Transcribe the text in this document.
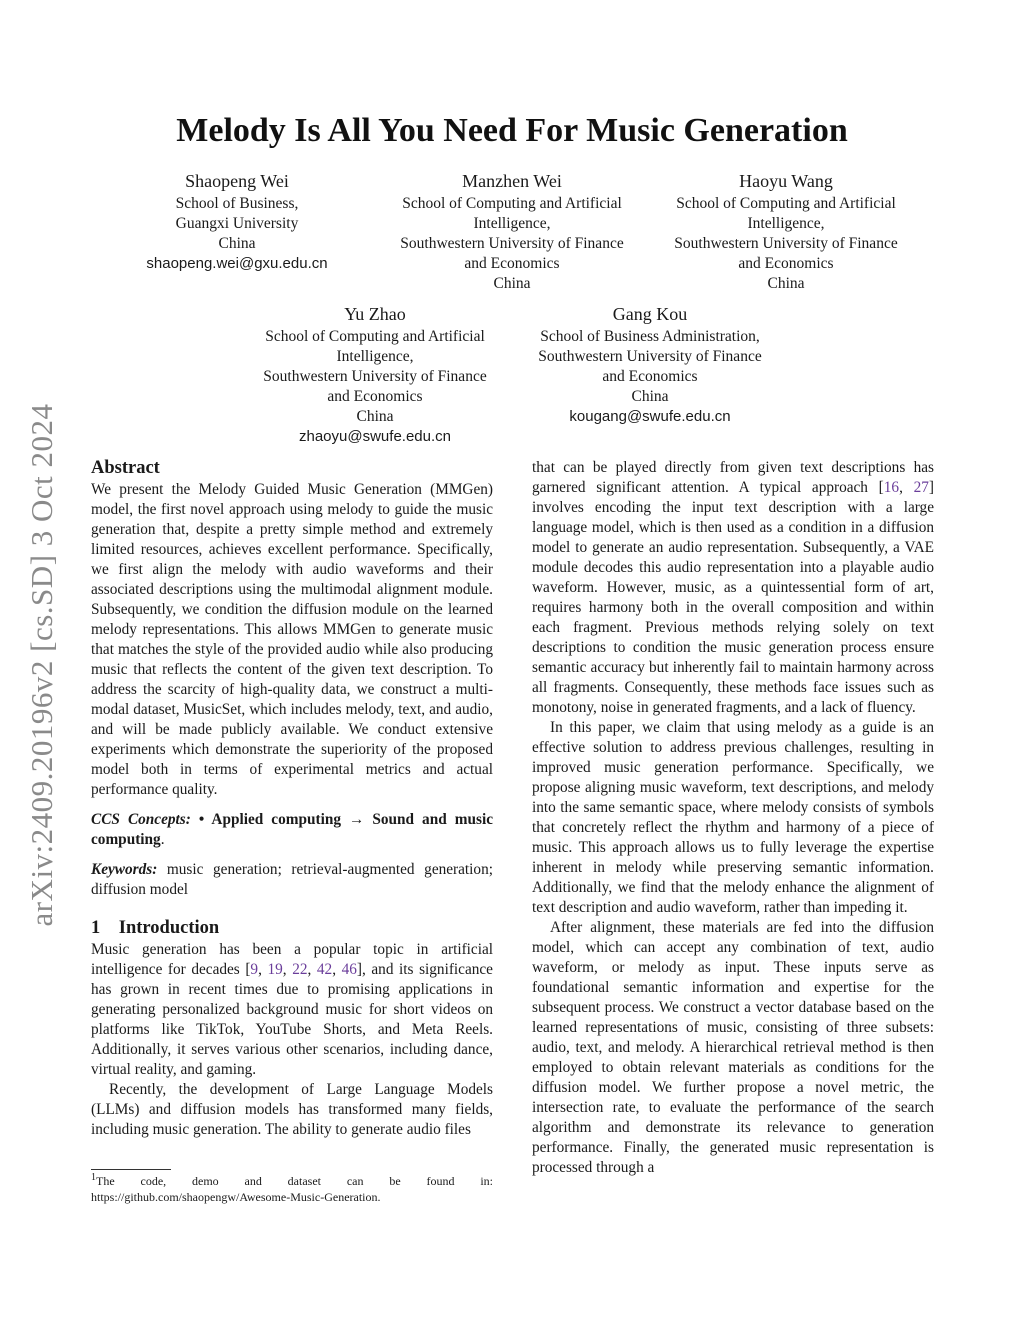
arXiv:2409.20196v2 [cs.SD] 3 Oct 2024
Melody Is All You Need For Music Generation
Shaopeng Wei
School of Business,
Guangxi University
China
shaopeng.wei@gxu.edu.cn
Manzhen Wei
School of Computing and Artificial
Intelligence,
Southwestern University of Finance
and Economics
China
Haoyu Wang
School of Computing and Artificial
Intelligence,
Southwestern University of Finance
and Economics
China
Yu Zhao
School of Computing and Artificial
Intelligence,
Southwestern University of Finance
and Economics
China
zhaoyu@swufe.edu.cn
Gang Kou
School of Business Administration,
Southwestern University of Finance
and Economics
China
kougang@swufe.edu.cn

Abstract

We present the Melody Guided Music Generation (MMGen) model, the first novel approach using melody to guide the music generation that, despite a pretty simple method and extremely limited resources, achieves excellent performance. Specifically, we first align the melody with audio waveforms and their associated descriptions using the multimodal alignment module. Subsequently, we condition the diffusion module on the learned melody representations. This allows MMGen to generate music that matches the style of the provided audio while also producing music that reflects the content of the given text description. To address the scarcity of high-quality data, we construct a multi-modal dataset, MusicSet, which includes melody, text, and audio, and will be made publicly available. We conduct extensive experiments which demonstrate the superiority of the proposed model both in terms of experimental metrics and actual performance quality.

CCS Concepts: • Applied computing → Sound and music computing.

Keywords: music generation; retrieval-augmented generation; diffusion model

1    Introduction

Music generation has been a popular topic in artificial intelligence for decades [9, 19, 22, 42, 46], and its significance has grown in recent times due to promising applications in generating personalized background music for short videos on platforms like TikTok, YouTube Shorts, and Meta Reels. Additionally, it serves various other scenarios, including dance, virtual reality, and gaming.

Recently, the development of Large Language Models (LLMs) and diffusion models has transformed many fields, including music generation. The ability to generate audio files

$^1$The code, demo and dataset can be found in: https://github.com/shaopengw/Awesome-Music-Generation.

that can be played directly from given text descriptions has garnered significant attention. A typical approach [16, 27] involves encoding the input text description with a large language model, which is then used as a condition in a diffusion model to generate an audio representation. Subsequently, a VAE module decodes this audio representation into a playable audio waveform. However, music, as a quintessential form of art, requires harmony both in the overall composition and within each fragment. Previous methods relying solely on text descriptions to condition the music generation process ensure semantic accuracy but inherently fail to maintain harmony across all fragments. Consequently, these methods face issues such as monotony, noise in generated fragments, and a lack of fluency.

In this paper, we claim that using melody as a guide is an effective solution to address previous challenges, resulting in improved music generation performance. Specifically, we propose aligning music waveform, text descriptions, and melody into the same semantic space, where melody consists of symbols that concretely reflect the rhythm and harmony of a piece of music. This approach allows us to fully leverage the expertise inherent in melody while preserving semantic information. Additionally, we find that the melody enhance the alignment of text description and audio waveform, rather than impeding it.

After alignment, these materials are fed into the diffusion model, which can accept any combination of text, audio waveform, or melody as input. These inputs serve as foundational semantic information and expertise for the subsequent process. We construct a vector database based on the learned representations of music, consisting of three subsets: audio, text, and melody. A hierarchical retrieval method is then employed to obtain relevant materials as conditions for the diffusion model. We further propose a novel metric, the intersection rate, to evaluate the performance of the search algorithm and demonstrate its relevance to generation performance. Finally, the generated music representation is processed through a
